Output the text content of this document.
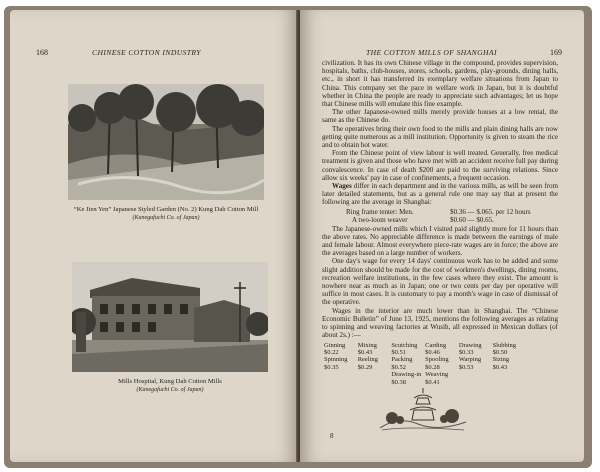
168	CHINESE COTTON INDUSTRY
“Ke Jien Yen” Japanese Styled Garden (No. 2) Kung Dah Cotton Mill
(Kanegafuchi Co. of Japan)
Mills Hospital, Kung Dah Cotton Mills
(Kanegafuchi Co. of Japan)
THE COTTON MILLS OF SHANGHAI	169

civilization. It has its own Chinese village in the compound, provides supervision, hospitals, baths, club-houses, stores, schools, gardens, play-grounds, dining halls, etc., in short it has transferred its exemplary welfare situations from Japan to China. This company set the pace in welfare work in Japan, but it is doubtful whether in China the people are ready to appreciate such advantages; let us hope that Chinese mills will emulate this fine example.

The other Japanese-owned mills merely provide houses at a low rental, the same as the Chinese do.

The operatives bring their own food to the mills and plain dining halls are now getting quite numerous as a mill institution. Opportunity is given to steam the rice and to obtain hot water.

From the Chinese point of view labour is well treated. Generally, free medical treatment is given and those who have met with an accident receive full pay during convalescence. In case of death $200 are paid to the surviving relations. Since allow six weeks' pay in case of confinements, a frequent occasion.

Wages differ in each department and in the various mills, as will be seen from later detailed statements, but as a general rule one may say that at present the following are the average in Shanghai:

Ring frame tenter: Men.	$0.36 — $.065. per 12 hours
A two-loom weaver	$0.60 — $0.65.

The Japanese-owned mills which I visited paid slightly more for 11 hours than the above rates. No appreciable difference is made between the earnings of male and female labour. Almost everywhere piece-rate wages are in force; the above are the averages based on a large number of workers.

One day's wage for every 14 days' continuous work has to be added and some slight addition should be made for the cost of workmen's dwellings, dining rooms, recreation welfare institutions, in the few cases where they exist. The amount is nowhere near as much as in Japan; one or two cents per day per operative will suffice in most cases. It is customary to pay a month's wage in case of dismissal of the operative.

Wages in the interior are much lower than in Shanghai. The “Chinese Economic Bulletin” of June 13, 1925, mentions the following averages as relating to spinning and weaving factories at Wusih, all expressed in Mexican dollars (of about 2s.) :—

Ginning	Mixing	Scutching	Carding	Drawing	Slubbing
$0.22	$0.43	$0.51	$0.46	$0.33	$0.50
Spinning	Reeling	Packing	Spooling	Warping	Sizing
$0.35	$0.29	$0.52	$0.28	$0.53	$0.43
Drawing-in Weaving
$0.38	$0.41
8
